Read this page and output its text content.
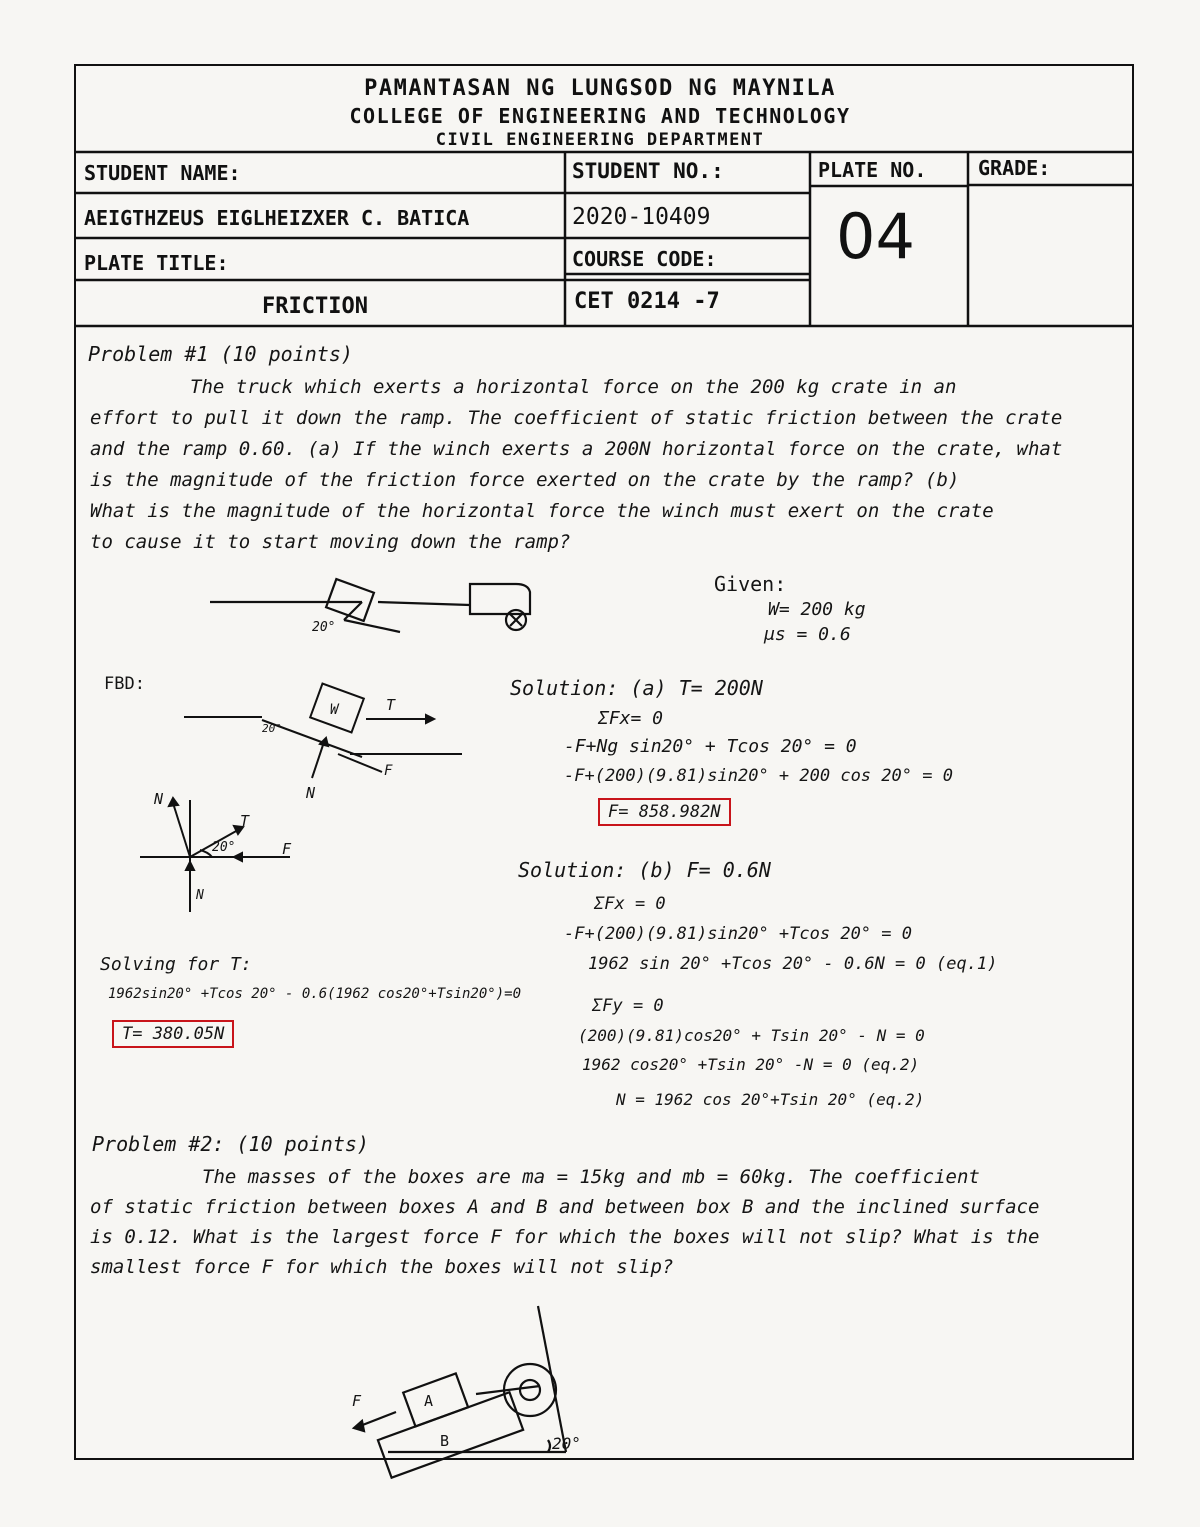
PAMANTASAN NG LUNGSOD NG MAYNILA
COLLEGE OF ENGINEERING AND TECHNOLOGY
CIVIL ENGINEERING DEPARTMENT
STUDENT NAME:	STUDENT NO.:	PLATE NO.	GRADE:
AEIGTHZEUS EIGLHEIZXER C. BATICA	2020-10409
PLATE TITLE:	COURSE CODE:
FRICTION	CET 0214 -7
04
Problem #1 (10 points)

The truck which exerts a horizontal force on the 200 kg crate in an

effort to pull it down the ramp. The coefficient of static friction between the crate

and the ramp 0.60. (a) If the winch exerts a 200N horizontal force on the crate, what

is the magnitude of the friction force exerted on the crate by the ramp? (b)

What is the magnitude of the horizontal force the winch must exert on the crate

to cause it to start moving down the ramp?

20°
Given:
W= 200 kg
μs = 0.6
FBD:
T
N
F
W
20°
N
T
20°	F
N
Solution: (a) T= 200N
ΣFx= 0
-F+Ng sin20° + Tcos 20° = 0
-F+(200)(9.81)sin20° + 200 cos 20° = 0
F= 858.982N
Solution: (b) F= 0.6N
ΣFx = 0
-F+(200)(9.81)sin20° +Tcos 20° = 0
1962 sin 20° +Tcos 20° - 0.6N = 0 (eq.1)
ΣFy = 0
(200)(9.81)cos20° + Tsin 20° - N = 0
1962 cos20° +Tsin 20° -N = 0 (eq.2)
N = 1962 cos 20°+Tsin 20° (eq.2)
Solving for T:
1962sin20° +Tcos 20° - 0.6(1962 cos20°+Tsin20°)=0
T= 380.05N
Problem #2: (10 points)

The masses of the boxes are ma = 15kg and mb = 60kg. The coefficient

of static friction between boxes A and B and between box B and the inclined surface

is 0.12. What is the largest force F for which the boxes will not slip? What is the

smallest force F for which the boxes will not slip?

A
B
F
20°
